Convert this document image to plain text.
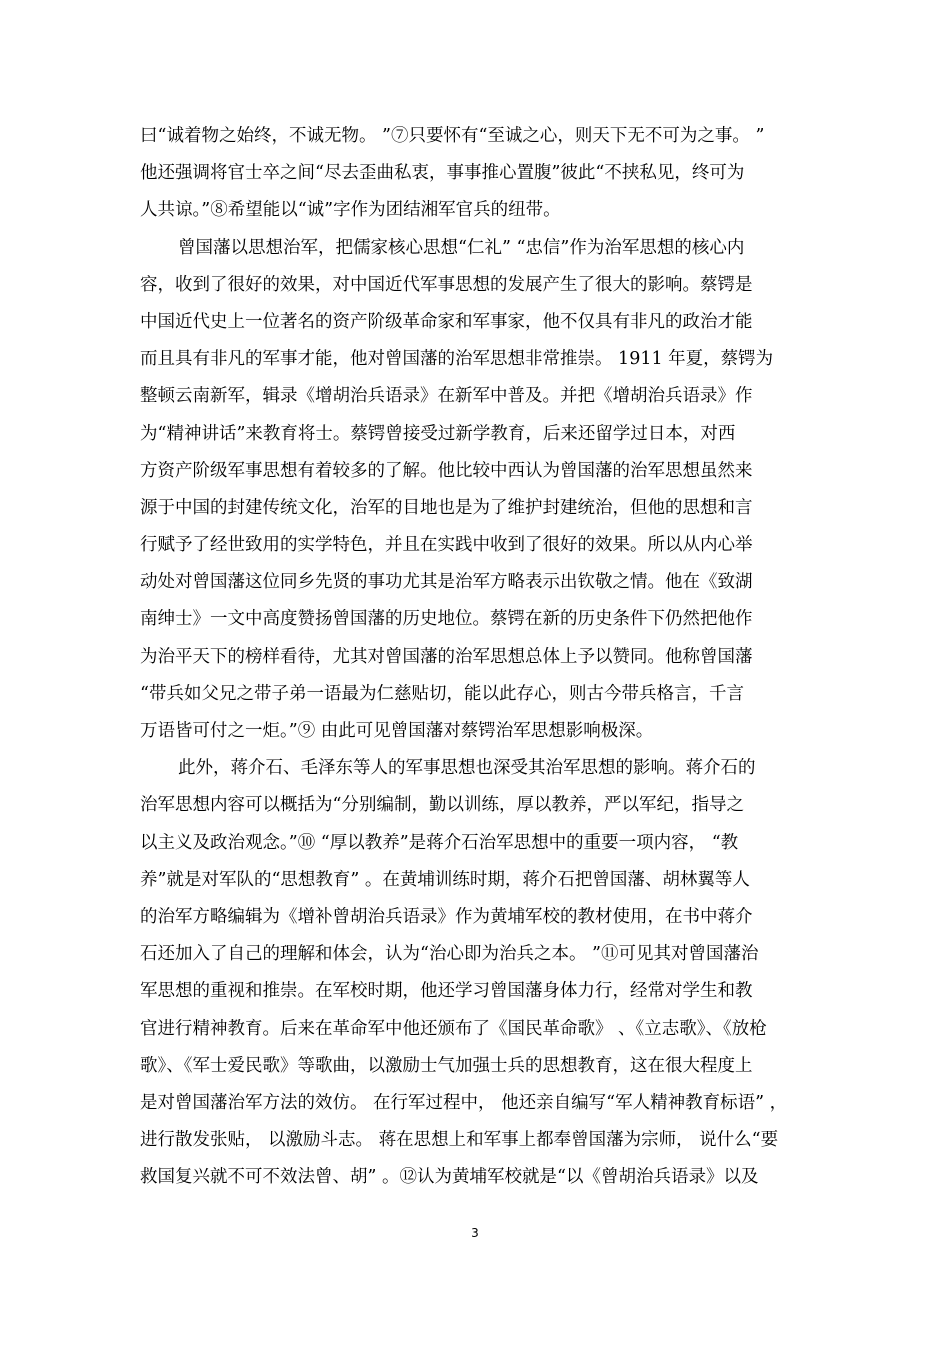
曰“诚着物之始终，不诚无物。 ”⑦只要怀有“至诚之心，则天下无不可为之事。 ”
他还强调将官士卒之间“尽去歪曲私衷，事事推心置腹”彼此“不挟私见，终可为
人共谅。”⑧希望能以“诚”字作为团结湘军官兵的纽带。
曾国藩以思想治军，把儒家核心思想“仁礼” “忠信”作为治军思想的核心内
容，收到了很好的效果，对中国近代军事思想的发展产生了很大的影响。蔡锷是
中国近代史上一位著名的资产阶级革命家和军事家，他不仅具有非凡的政治才能
而且具有非凡的军事才能，他对曾国藩的治军思想非常推崇。 1911 年夏，蔡锷为
整顿云南新军，辑录《增胡治兵语录》在新军中普及。并把《增胡治兵语录》作
为“精神讲话”来教育将士。蔡锷曾接受过新学教育，后来还留学过日本，对西
方资产阶级军事思想有着较多的了解。他比较中西认为曾国藩的治军思想虽然来
源于中国的封建传统文化，治军的目地也是为了维护封建统治，但他的思想和言
行赋予了经世致用的实学特色，并且在实践中收到了很好的效果。所以从内心举
动处对曾国藩这位同乡先贤的事功尤其是治军方略表示出钦敬之情。他在《致湖
南绅士》一文中高度赞扬曾国藩的历史地位。蔡锷在新的历史条件下仍然把他作
为治平天下的榜样看待，尤其对曾国藩的治军思想总体上予以赞同。他称曾国藩
“带兵如父兄之带子弟一语最为仁慈贴切，能以此存心，则古今带兵格言，千言
万语皆可付之一炬。”⑨ 由此可见曾国藩对蔡锷治军思想影响极深。
此外，蒋介石、毛泽东等人的军事思想也深受其治军思想的影响。蒋介石的
治军思想内容可以概括为“分别编制，勤以训练，厚以教养，严以军纪，指导之
以主义及政治观念。”⑩ “厚以教养”是蒋介石治军思想中的重要一项内容， “教
养”就是对军队的“思想教育” 。在黄埔训练时期，蒋介石把曾国藩、胡林翼等人
的治军方略编辑为《增补曾胡治兵语录》作为黄埔军校的教材使用，在书中蒋介
石还加入了自己的理解和体会，认为“治心即为治兵之本。 ”⑪可见其对曾国藩治
军思想的重视和推崇。在军校时期，他还学习曾国藩身体力行，经常对学生和教
官进行精神教育。后来在革命军中他还颁布了《国民革命歌》 、《立志歌》、《放枪
歌》、《军士爱民歌》等歌曲，以激励士气加强士兵的思想教育，这在很大程度上
是对曾国藩治军方法的效仿。 在行军过程中， 他还亲自编写“军人精神教育标语” ，
进行散发张贴， 以激励斗志。 蒋在思想上和军事上都奉曾国藩为宗师， 说什么“要
救国复兴就不可不效法曾、胡” 。⑫认为黄埔军校就是“以《曾胡治兵语录》以及
3
